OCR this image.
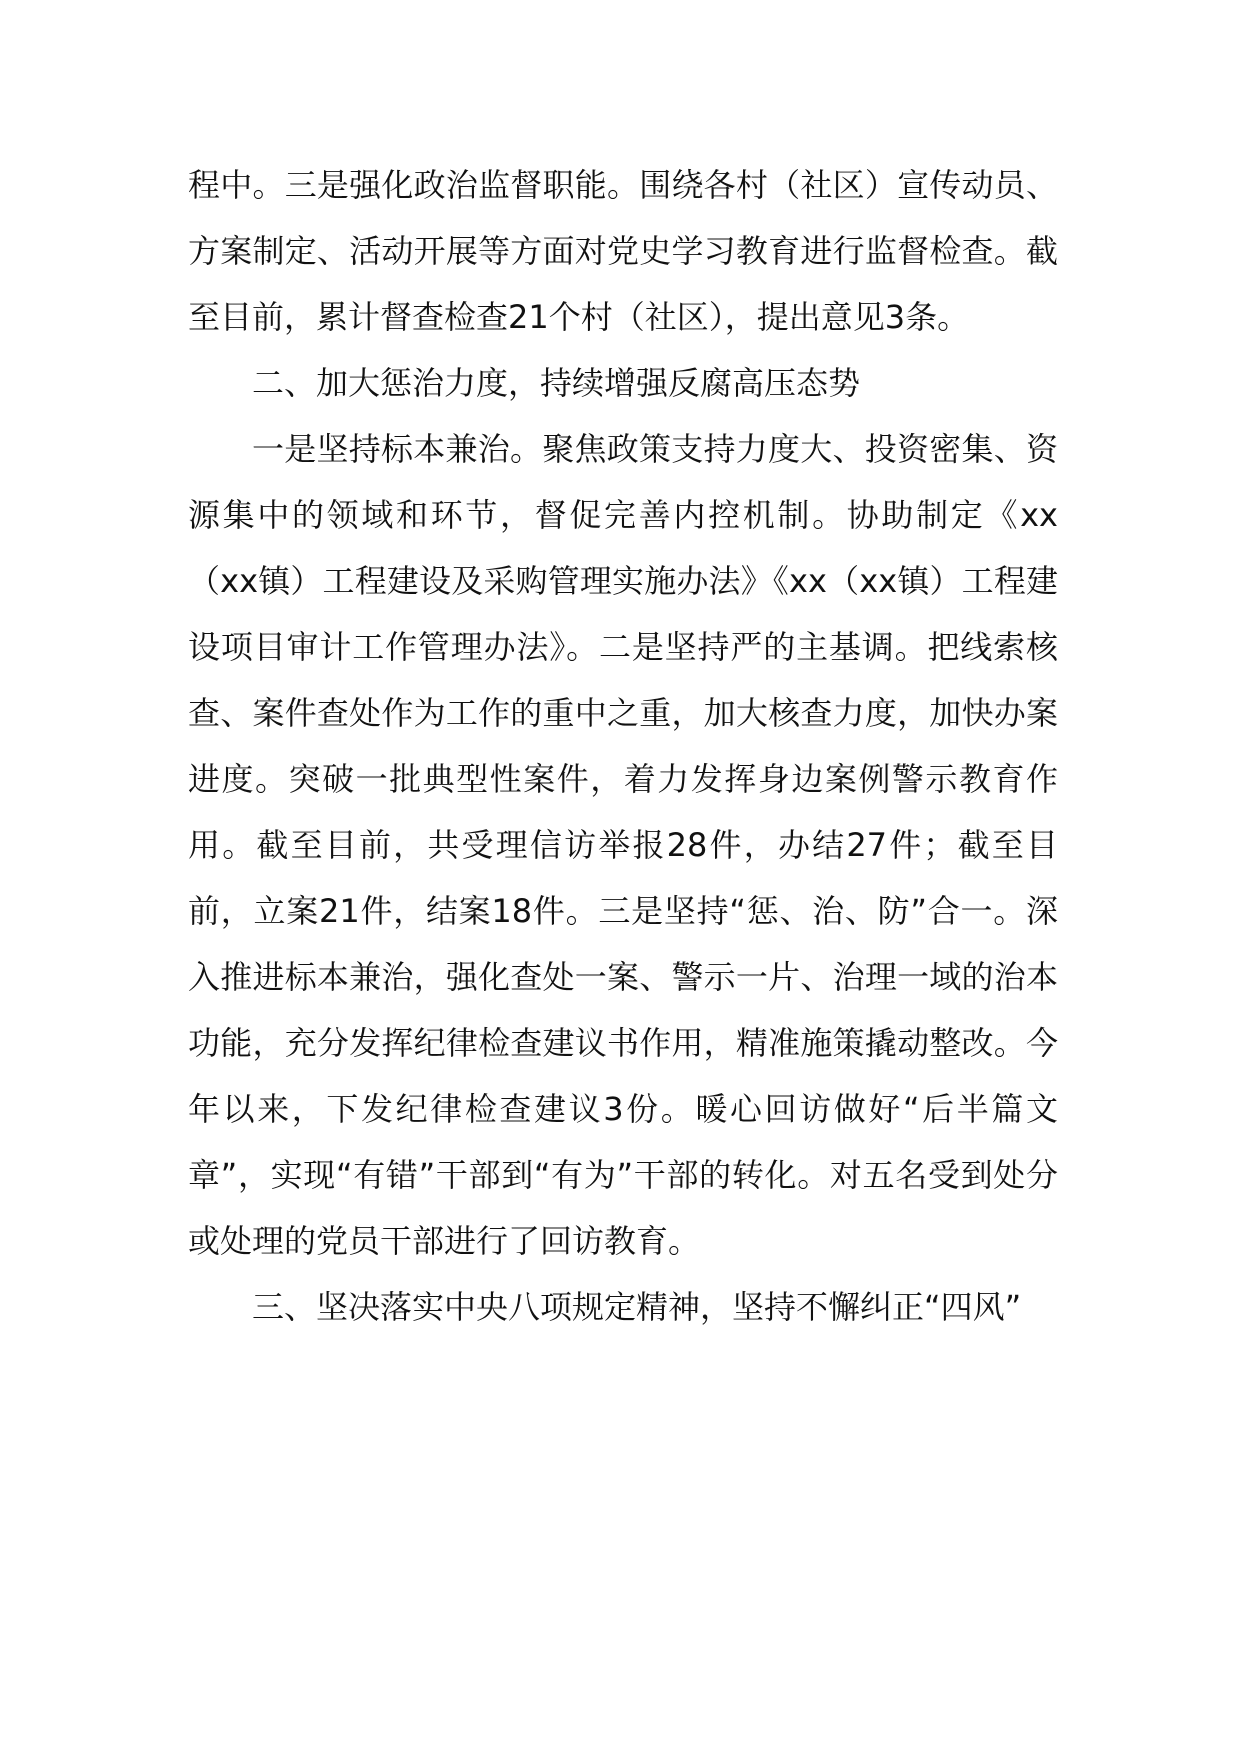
程中。三是强化政治监督职能。围绕各村（社区）宣传动员、方案制定、活动开展等方面对党史学习教育进行监督检查。截至目前，累计督查检查21个村（社区），提出意见3条。

二、加大惩治力度，持续增强反腐高压态势

一是坚持标本兼治。聚焦政策支持力度大、投资密集、资源集中的领域和环节，督促完善内控机制。协助制定《xx（xx镇）工程建设及采购管理实施办法》《xx（xx镇）工程建设项目审计工作管理办法》。二是坚持严的主基调。把线索核查、案件查处作为工作的重中之重，加大核查力度，加快办案进度。突破一批典型性案件，着力发挥身边案例警示教育作用。截至目前，共受理信访举报28件，办结27件；截至目前，立案21件，结案18件。三是坚持“惩、治、防”合一。深入推进标本兼治，强化查处一案、警示一片、治理一域的治本功能，充分发挥纪律检查建议书作用，精准施策撬动整改。今年以来，下发纪律检查建议3份。暖心回访做好“后半篇文章”，实现“有错”干部到“有为”干部的转化。对五名受到处分或处理的党员干部进行了回访教育。

三、坚决落实中央八项规定精神，坚持不懈纠正“四风”
